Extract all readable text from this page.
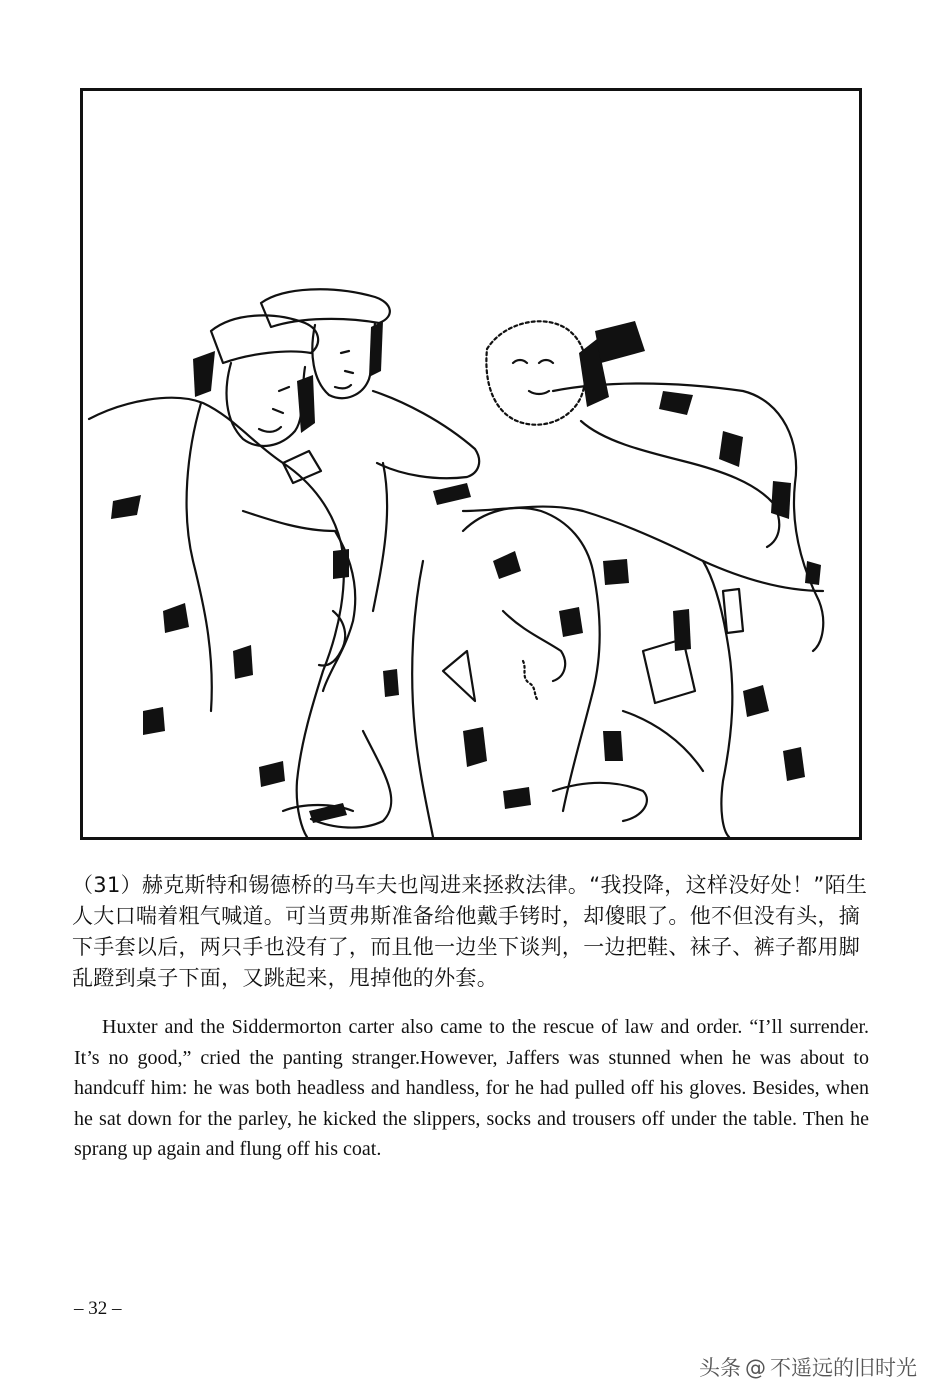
（31）赫克斯特和锡德桥的马车夫也闯进来拯救法律。“我投降，这样没好处！”陌生人大口喘着粗气喊道。可当贾弗斯准备给他戴手铐时，却傻眼了。他不但没有头，摘下手套以后，两只手也没有了，而且他一边坐下谈判，一边把鞋、袜子、裤子都用脚乱蹬到桌子下面，又跳起来，甩掉他的外套。

Huxter and the Siddermorton carter also came to the rescue of law and order. “I’ll surrender. It’s no good,” cried the panting stranger.However, Jaffers was stunned when he was about to handcuff him: he was both headless and handless, for he had pulled off his gloves. Besides, when he sat down for the parley, he kicked the slippers, socks and trousers off under the table. Then he sprang up again and flung off his coat.

– 32 –
头条 @ 不遥远的旧时光
